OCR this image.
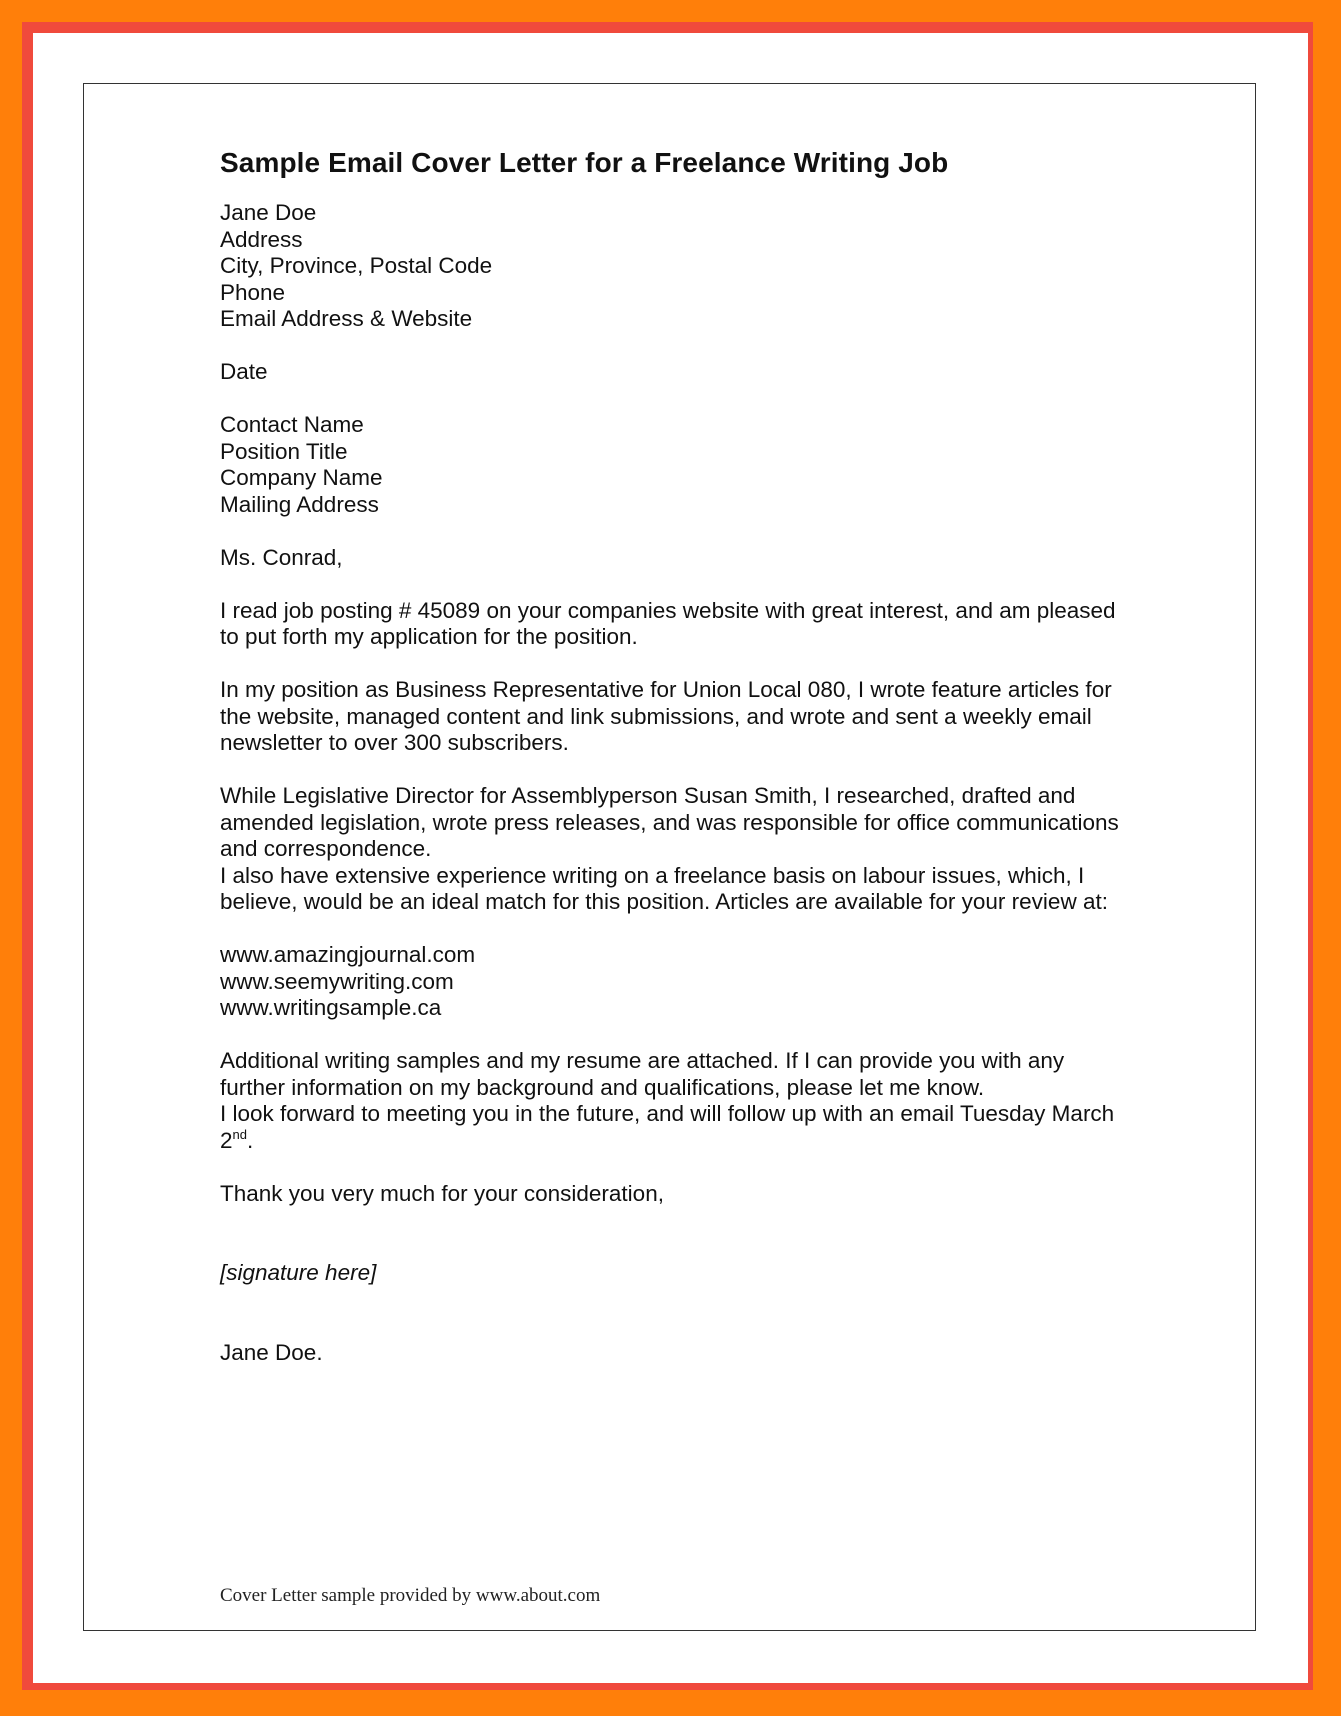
Sample Email Cover Letter for a Freelance Writing Job
Jane Doe
Address
City, Province, Postal Code
Phone
Email Address & Website
Date
Contact Name
Position Title
Company Name
Mailing Address
Ms. Conrad,
I read job posting # 45089 on your companies website with great interest, and am pleased
to put forth my application for the position.
In my position as Business Representative for Union Local 080, I wrote feature articles for
the website, managed content and link submissions, and wrote and sent a weekly email
newsletter to over 300 subscribers.
While Legislative Director for Assemblyperson Susan Smith, I researched, drafted and
amended legislation, wrote press releases, and was responsible for office communications
and correspondence.
I also have extensive experience writing on a freelance basis on labour issues, which, I
believe, would be an ideal match for this position. Articles are available for your review at:
www.amazingjournal.com
www.seemywriting.com
www.writingsample.ca
Additional writing samples and my resume are attached. If I can provide you with any
further information on my background and qualifications, please let me know.
I look forward to meeting you in the future, and will follow up with an email Tuesday March
2nd.
Thank you very much for your consideration,
[signature here]
Jane Doe.
Cover Letter sample provided by www.about.com
